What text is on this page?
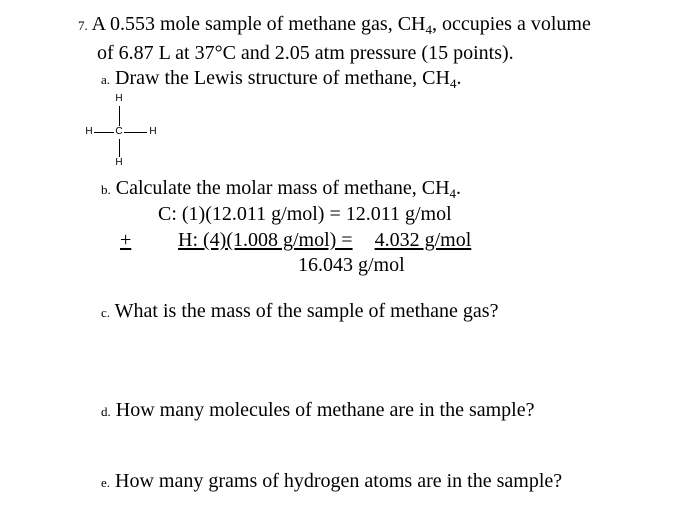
7. A 0.553 mole sample of methane gas, $CH_4$, occupies a volume
of 6.87 L at 37°C and 2.05 atm pressure (15 points).
a. Draw the Lewis structure of methane, $CH_4$.
H
H
H	H
C
b. Calculate the molar mass of methane, $CH_4$.
C: (1)(12.011 g/mol) = 12.011 g/mol
+ H: (4)(1.008 g/mol) = 4.032 g/mol
16.043 g/mol
c. What is the mass of the sample of methane gas?
d. How many molecules of methane are in the sample?
e. How many grams of hydrogen atoms are in the sample?
